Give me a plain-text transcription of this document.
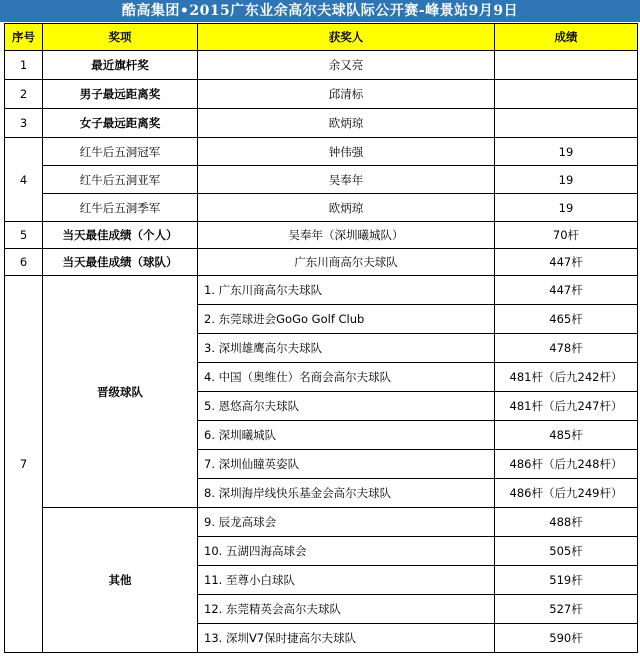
酷高集团•2015广东业余高尔夫球队际公开赛-峰景站9月9日
序号	奖项	获奖人	成绩
1	最近旗杆奖	余又亮	
2	男子最远距离奖	邱清标	
3	女子最远距离奖	欧炳琼	
4	红牛后五洞冠军	钟伟强	19
	红牛后五洞亚军	吴奉年	19
	红牛后五洞季军	欧炳琼	19
5	当天最佳成绩（个人）	吴奉年（深圳曦城队）	70杆
6	当天最佳成绩（球队）	广东川商高尔夫球队	447杆
7	晋级球队	1. 广东川商高尔夫球队	447杆
		2. 东莞球进会GoGo Golf Club	465杆
		3. 深圳雄鹰高尔夫球队	478杆
		4. 中国（奥维仕）名商会高尔夫球队	481杆（后九242杆）
		5. 恩悠高尔夫球队	481杆（后九247杆）
		6. 深圳曦城队	485杆
		7. 深圳仙瞳英姿队	486杆（后九248杆）
		8. 深圳海岸线快乐基金会高尔夫球队	486杆（后九249杆）
	其他	9. 辰龙高球会	488杆
		10. 五湖四海高球会	505杆
		11. 至尊小白球队	519杆
		12. 东莞精英会高尔夫球队	527杆
		13. 深圳V7保时捷高尔夫球队	590杆
